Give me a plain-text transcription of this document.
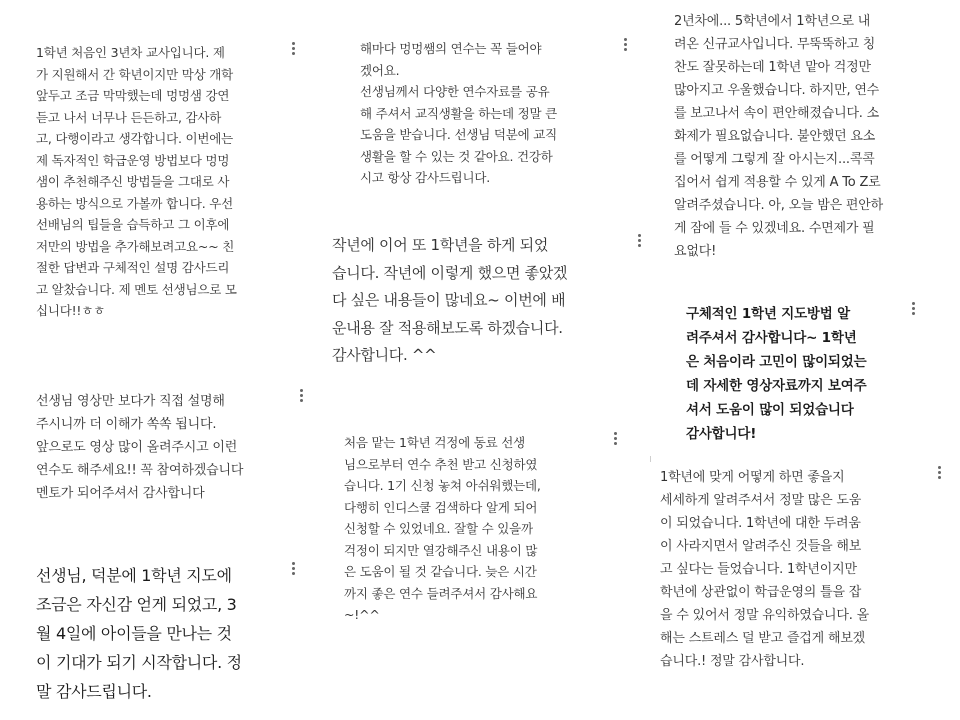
1학년 처음인 3년차 교사입니다. 제
가 지원해서 간 학년이지만 막상 개학
앞두고 조금 막막했는데 멍멍샘 강연
듣고 나서 너무나 든든하고, 감사하
고, 다행이라고 생각합니다. 이번에는
제 독자적인 학급운영 방법보다 멍멍
샘이 추천해주신 방법들을 그대로 사
용하는 방식으로 가볼까 합니다. 우선
선배님의 팁들을 습득하고 그 이후에
저만의 방법을 추가해보려고요~~ 친
절한 답변과 구체적인 설명 감사드리
고 알찼습니다. 제 멘토 선생님으로 모
십니다!!ㅎㅎ

선생님 영상만 보다가 직접 설명해
주시니까 더 이해가 쏙쏙 됩니다.
앞으로도 영상 많이 올려주시고 이런
연수도 해주세요!! 꼭 참여하겠습니다
멘토가 되어주셔서 감사합니다

선생님, 덕분에 1학년 지도에
조금은 자신감 얻게 되었고, 3
월 4일에 아이들을 만나는 것
이 기대가 되기 시작합니다. 정
말 감사드립니다.

해마다 멍멍쌤의 연수는 꼭 들어야
겠어요.
선생님께서 다양한 연수자료를 공유
해 주셔서 교직생활을 하는데 정말 큰
도움을 받습니다. 선생님 덕분에 교직
생활을 할 수 있는 것 같아요. 건강하
시고 항상 감사드립니다.

작년에 이어 또 1학년을 하게 되었
습니다. 작년에 이렇게 했으면 좋았겠
다 싶은 내용들이 많네요~ 이번에 배
운내용 잘 적용해보도록 하겠습니다.
감사합니다. ^^

처음 맡는 1학년 걱정에 동료 선생
님으로부터 연수 추천 받고 신청하였
습니다. 1기 신청 놓쳐 아쉬워했는데,
다행히 인디스쿨 검색하다 알게 되어
신청할 수 있었네요. 잘할 수 있을까
걱정이 되지만 열강해주신 내용이 많
은 도움이 될 것 같습니다. 늦은 시간
까지 좋은 연수 들려주셔서 감사해요
~!^^

2년차에... 5학년에서 1학년으로 내
려온 신규교사입니다. 무뚝뚝하고 칭
찬도 잘못하는데 1학년 맡아 걱정만
많아지고 우울했습니다. 하지만, 연수
를 보고나서 속이 편안해졌습니다. 소
화제가 필요없습니다. 불안했던 요소
를 어떻게 그렇게 잘 아시는지...콕콕
집어서 쉽게 적용할 수 있게 A To Z로
알려주셨습니다. 아, 오늘 밤은 편안하
게 잠에 들 수 있겠네요. 수면제가 필
요없다!

구체적인 1학년 지도방법 알
려주셔서 감사합니다~ 1학년
은 처음이라 고민이 많이되었는
데 자세한 영상자료까지 보여주
셔서 도움이 많이 되었습니다
감사합니다!

1학년에 맞게 어떻게 하면 좋을지
세세하게 알려주셔서 정말 많은 도움
이 되었습니다. 1학년에 대한 두려움
이 사라지면서 알려주신 것들을 해보
고 싶다는 들었습니다. 1학년이지만
학년에 상관없이 학급운영의 틀을 잡
을 수 있어서 정말 유익하였습니다. 올
해는 스트레스 덜 받고 즐겁게 해보겠
습니다.! 정말 감사합니다.
